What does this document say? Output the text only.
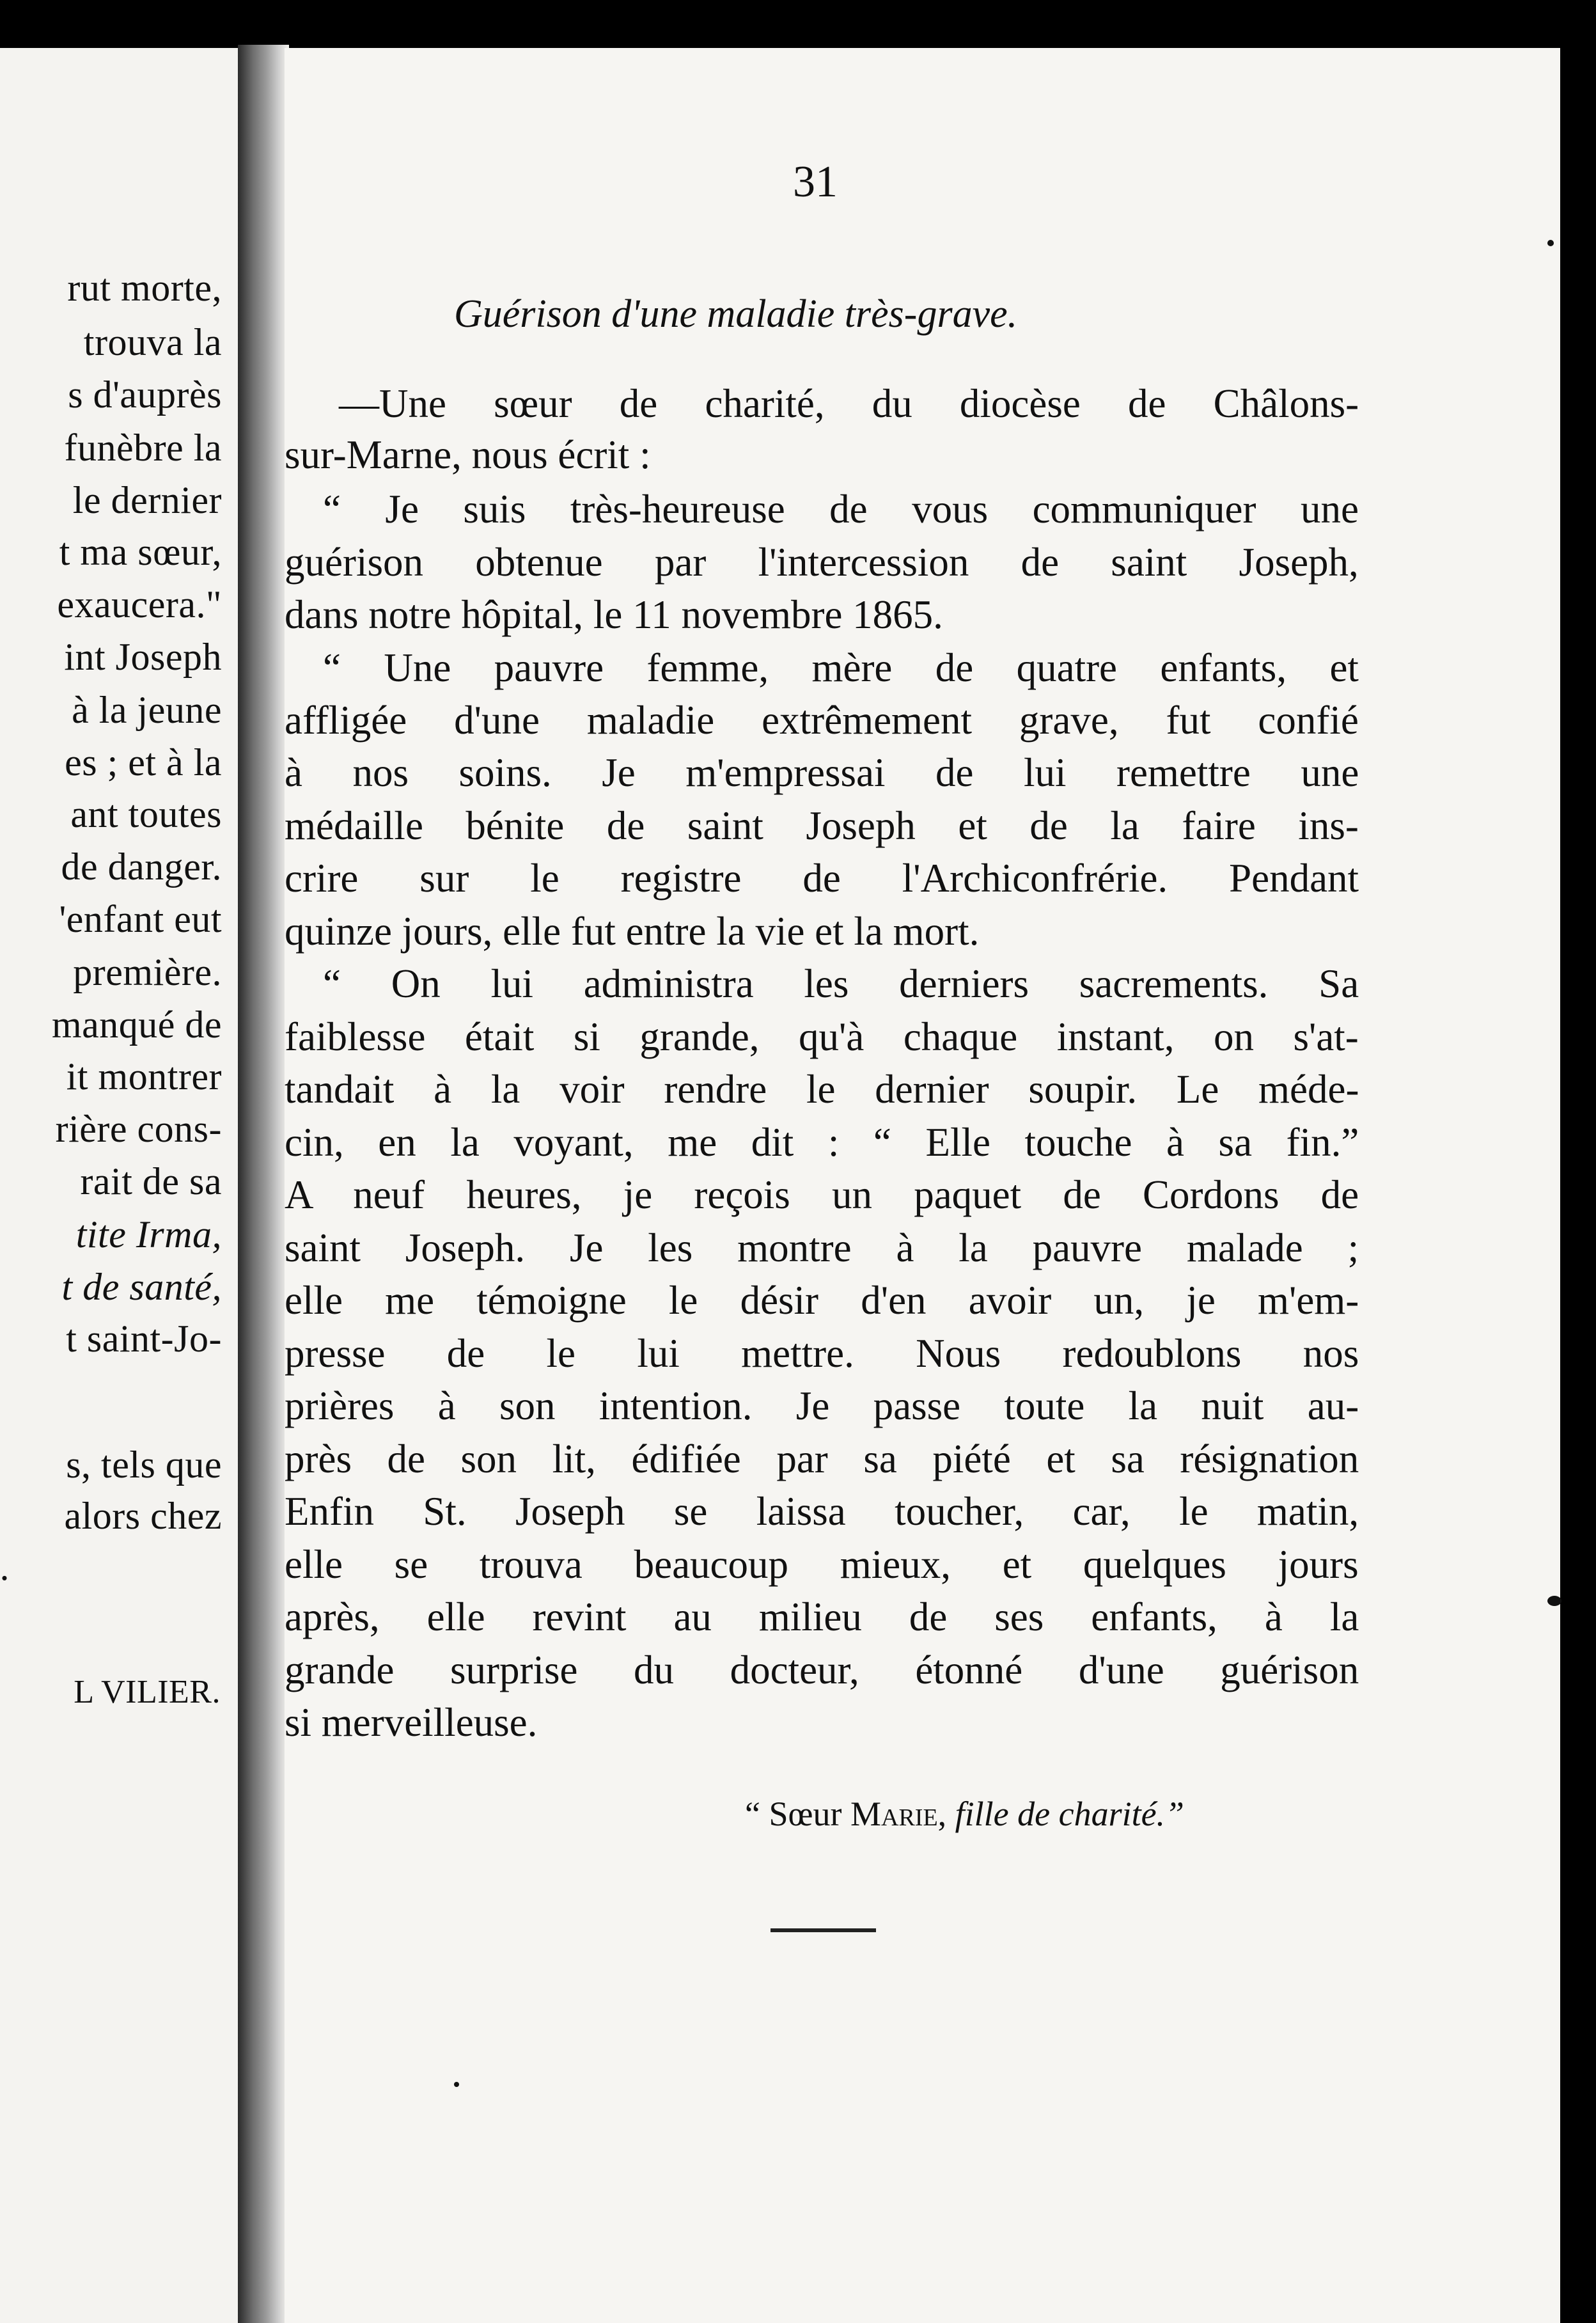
rut morte,
trouva la
s d'auprès
funèbre la
le dernier
t ma sœur,
exaucera."
int Joseph
à la jeune
es ; et à la
ant toutes
de danger.
'enfant eut
première.
manqué de
it montrer
rière cons-
rait de sa
tite Irma,
t de santé,
t saint-Jo-
s, tels que
alors chez
.
L VILIER.
31
Guérison d'une maladie très-grave.
—Une sœur de charité, du diocèse de Châlons-
sur-Marne, nous écrit :
“ Je suis très-heureuse de vous communiquer une
guérison obtenue par l'intercession de saint Joseph,
dans notre hôpital, le 11 novembre 1865.
“ Une pauvre femme, mère de quatre enfants, et
affligée d'une maladie extrêmement grave, fut confié
à nos soins. Je m'empressai de lui remettre une
médaille bénite de saint Joseph et de la faire ins-
crire sur le registre de l'Archiconfrérie. Pendant
quinze jours, elle fut entre la vie et la mort.
“ On lui administra les derniers sacrements. Sa
faiblesse était si grande, qu'à chaque instant, on s'at-
tandait à la voir rendre le dernier soupir. Le méde-
cin, en la voyant, me dit : “ Elle touche à sa fin.”
A neuf heures, je reçois un paquet de Cordons de
saint Joseph. Je les montre à la pauvre malade ;
elle me témoigne le désir d'en avoir un, je m'em-
presse de le lui mettre. Nous redoublons nos
prières à son intention. Je passe toute la nuit au-
près de son lit, édifiée par sa piété et sa résignation
Enfin St. Joseph se laissa toucher, car, le matin,
elle se trouva beaucoup mieux, et quelques jours
après, elle revint au milieu de ses enfants, à la
grande surprise du docteur, étonné d'une guérison
si merveilleuse.
“ Sœur Marie, fille de charité.”
